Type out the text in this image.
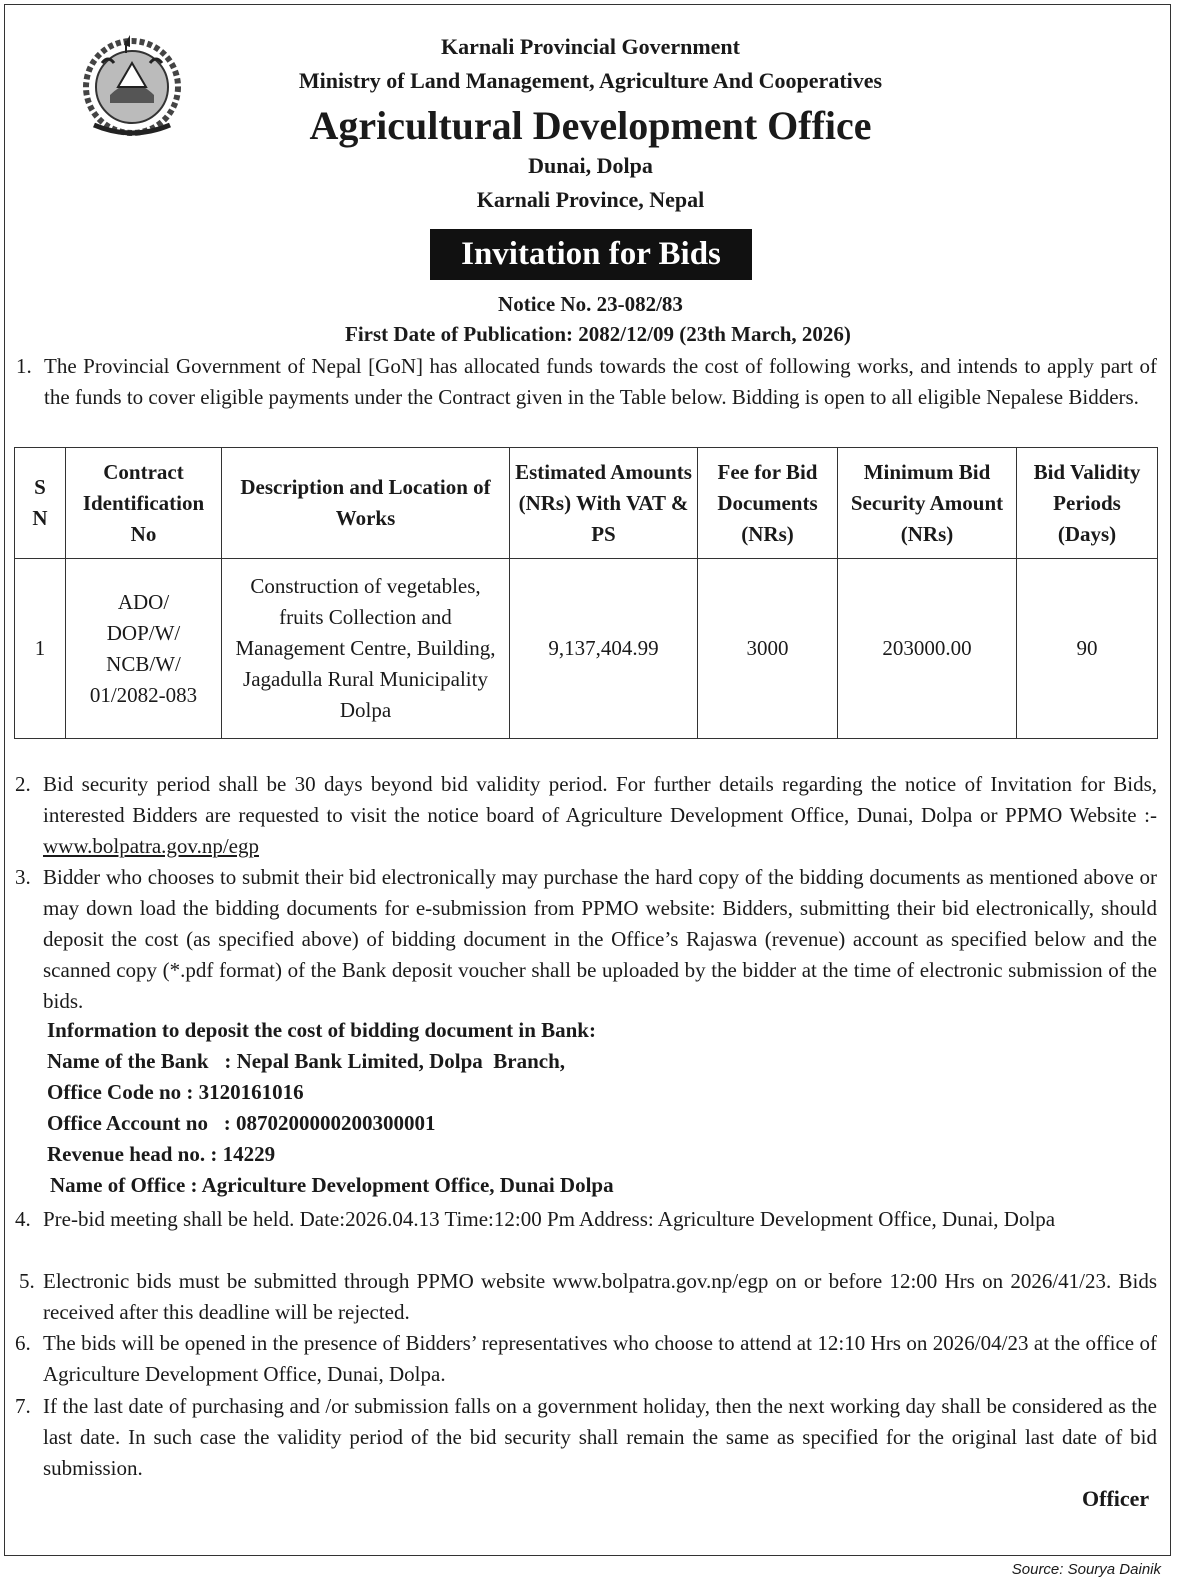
Karnali Provincial Government
Ministry of Land Management, Agriculture And Cooperatives
Agricultural Development Office
Dunai, Dolpa
Karnali Province, Nepal
Invitation for Bids
Notice No. 23-082/83
First Date of Publication: 2082/12/09 (23th March, 2026)
1. The Provincial Government of Nepal [GoN] has allocated funds towards the cost of following works, and intends to apply part of the funds to cover eligible payments under the Contract given in the Table below. Bidding is open to all eligible Nepalese Bidders.
S N	Contract Identification No	Description and Location of Works	Estimated Amounts (NRs) With VAT & PS	Fee for Bid Documents (NRs)	Minimum Bid Security Amount (NRs)	Bid Validity Periods (Days)
1	ADO/ DOP/W/ NCB/W/ 01/2082-083	Construction of vegetables, fruits Collection and Management Centre, Building, Jagadulla Rural Municipality Dolpa	9,137,404.99	3000	203000.00	90
2. Bid security period shall be 30 days beyond bid validity period. For further details regarding the notice of Invitation for Bids, interested Bidders are requested to visit the notice board of Agriculture Development Office, Dunai, Dolpa or PPMO Website :- www.bolpatra.gov.np/egp
3. Bidder who chooses to submit their bid electronically may purchase the hard copy of the bidding documents as mentioned above or may down load the bidding documents for e-submission from PPMO website: Bidders, submitting their bid electronically, should deposit the cost (as specified above) of bidding document in the Office’s Rajaswa (revenue) account as specified below and the scanned copy (*.pdf format) of the Bank deposit voucher shall be uploaded by the bidder at the time of electronic submission of the bids.
Information to deposit the cost of bidding document in Bank:
Name of the Bank   : Nepal Bank Limited, Dolpa  Branch,
Office Code no : 3120161016
Office Account no   : 0870200000200300001
Revenue head no. : 14229
Name of Office : Agriculture Development Office, Dunai Dolpa
4. Pre-bid meeting shall be held. Date:2026.04.13 Time:12:00 Pm Address: Agriculture Development Office, Dunai, Dolpa
5. Electronic bids must be submitted through PPMO website www.bolpatra.gov.np/egp on or before 12:00 Hrs on 2026/41/23. Bids received after this deadline will be rejected.
6. The bids will be opened in the presence of Bidders’ representatives who choose to attend at 12:10 Hrs on 2026/04/23 at the office of Agriculture Development Office, Dunai, Dolpa.
7. If the last date of purchasing and /or submission falls on a government holiday, then the next working day shall be considered as the last date. In such case the validity period of the bid security shall remain the same as specified for the original last date of bid submission.
Officer
Source: Sourya Dainik
